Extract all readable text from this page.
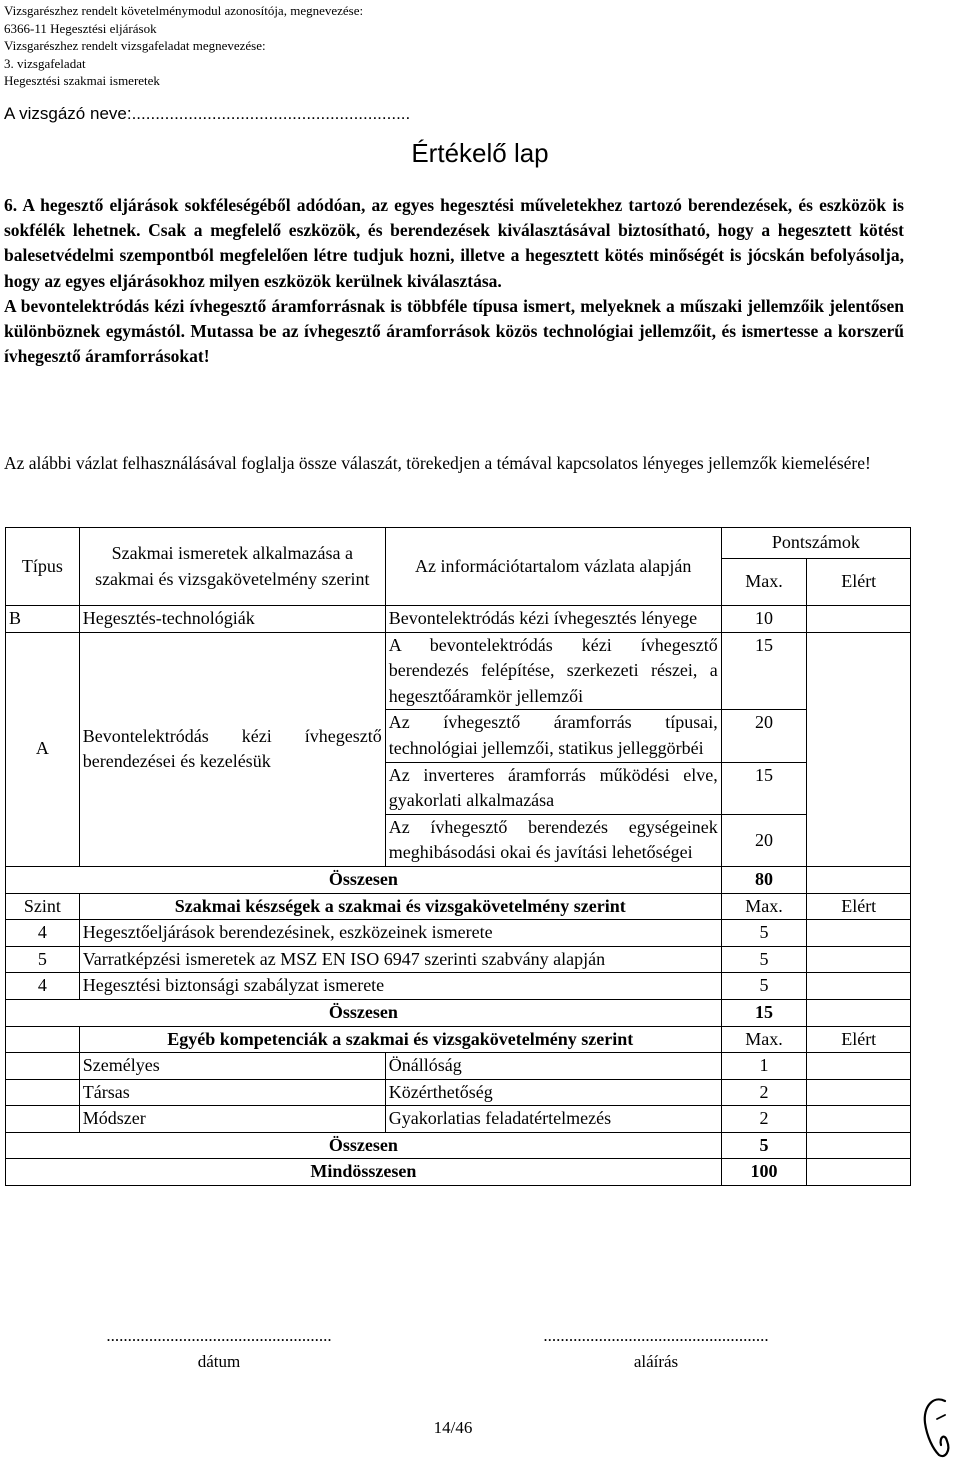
Vizsgarészhez rendelt követelménymodul azonosítója, megnevezése:
6366-11 Hegesztési eljárások
Vizsgarészhez rendelt vizsgafeladat megnevezése:
3. vizsgafeladat
Hegesztési szakmai ismeretek
A vizsgázó neve:...........................................................
Értékelő lap

6. A hegesztő eljárások sokféleségéből adódóan, az egyes hegesztési műveletekhez tartozó berendezések, és eszközök is sokfélék lehetnek. Csak a megfelelő eszközök, és berendezések kiválasztásával biztosítható, hogy a hegesztett kötést balesetvédelmi szempontból megfelelően létre tudjuk hozni, illetve a hegesztett kötés minőségét is jócskán befolyásolja, hogy az egyes eljárásokhoz milyen eszközök kerülnek kiválasztása.

A bevontelektródás kézi ívhegesztő áramforrásnak is többféle típusa ismert, melyeknek a műszaki jellemzőik jelentősen különböznek egymástól. Mutassa be az ívhegesztő áramforrások közös technológiai jellemzőit, és ismertesse a korszerű ívhegesztő áramforrásokat!

Az alábbi vázlat felhasználásával foglalja össze válaszát, törekedjen a témával kapcsolatos lényeges jellemzők kiemelésére!
Típus	Szakmai ismeretek alkalmazása a szakmai és vizsgakövetelmény szerint	Az információtartalom vázlata alapján	Pontszámok	
			Max.	Elért
B	Hegesztés-technológiák	Bevontelektródás kézi ívhegesztés lényege	10	
A	Bevontelektródás kézi ívhegesztő berendezései és kezelésük	A bevontelektródás kézi ívhegesztő berendezés felépítése, szerkezeti részei, a hegesztőáramkör jellemzői	15	
		Az ívhegesztő áramforrás típusai, technológiai jellemzői, statikus jelleggörbéi	20	
		Az inverteres áramforrás működési elve, gyakorlati alkalmazása	15	
		Az ívhegesztő berendezés egységeinek meghibásodási okai és javítási lehetőségei	20	
Összesen			80	
Szint	Szakmai készségek a szakmai és vizsgakövetelmény szerint		Max.	Elért
4	Hegesztőeljárások berendezésinek, eszközeinek ismerete		5	
5	Varratképzési ismeretek az MSZ EN ISO 6947 szerinti szabvány alapján		5	
4	Hegesztési biztonsági szabályzat ismerete		5	
Összesen			15	
	Egyéb kompetenciák a szakmai és vizsgakövetelmény szerint		Max.	Elért
	Személyes	Önállóság	1	
	Társas	Közérthetőség	2	
	Módszer	Gyakorlatias feladatértelmezés	2	
Összesen			5	
Mindösszesen			100	
.....................................................
dátum
.....................................................
aláírás
14/46
